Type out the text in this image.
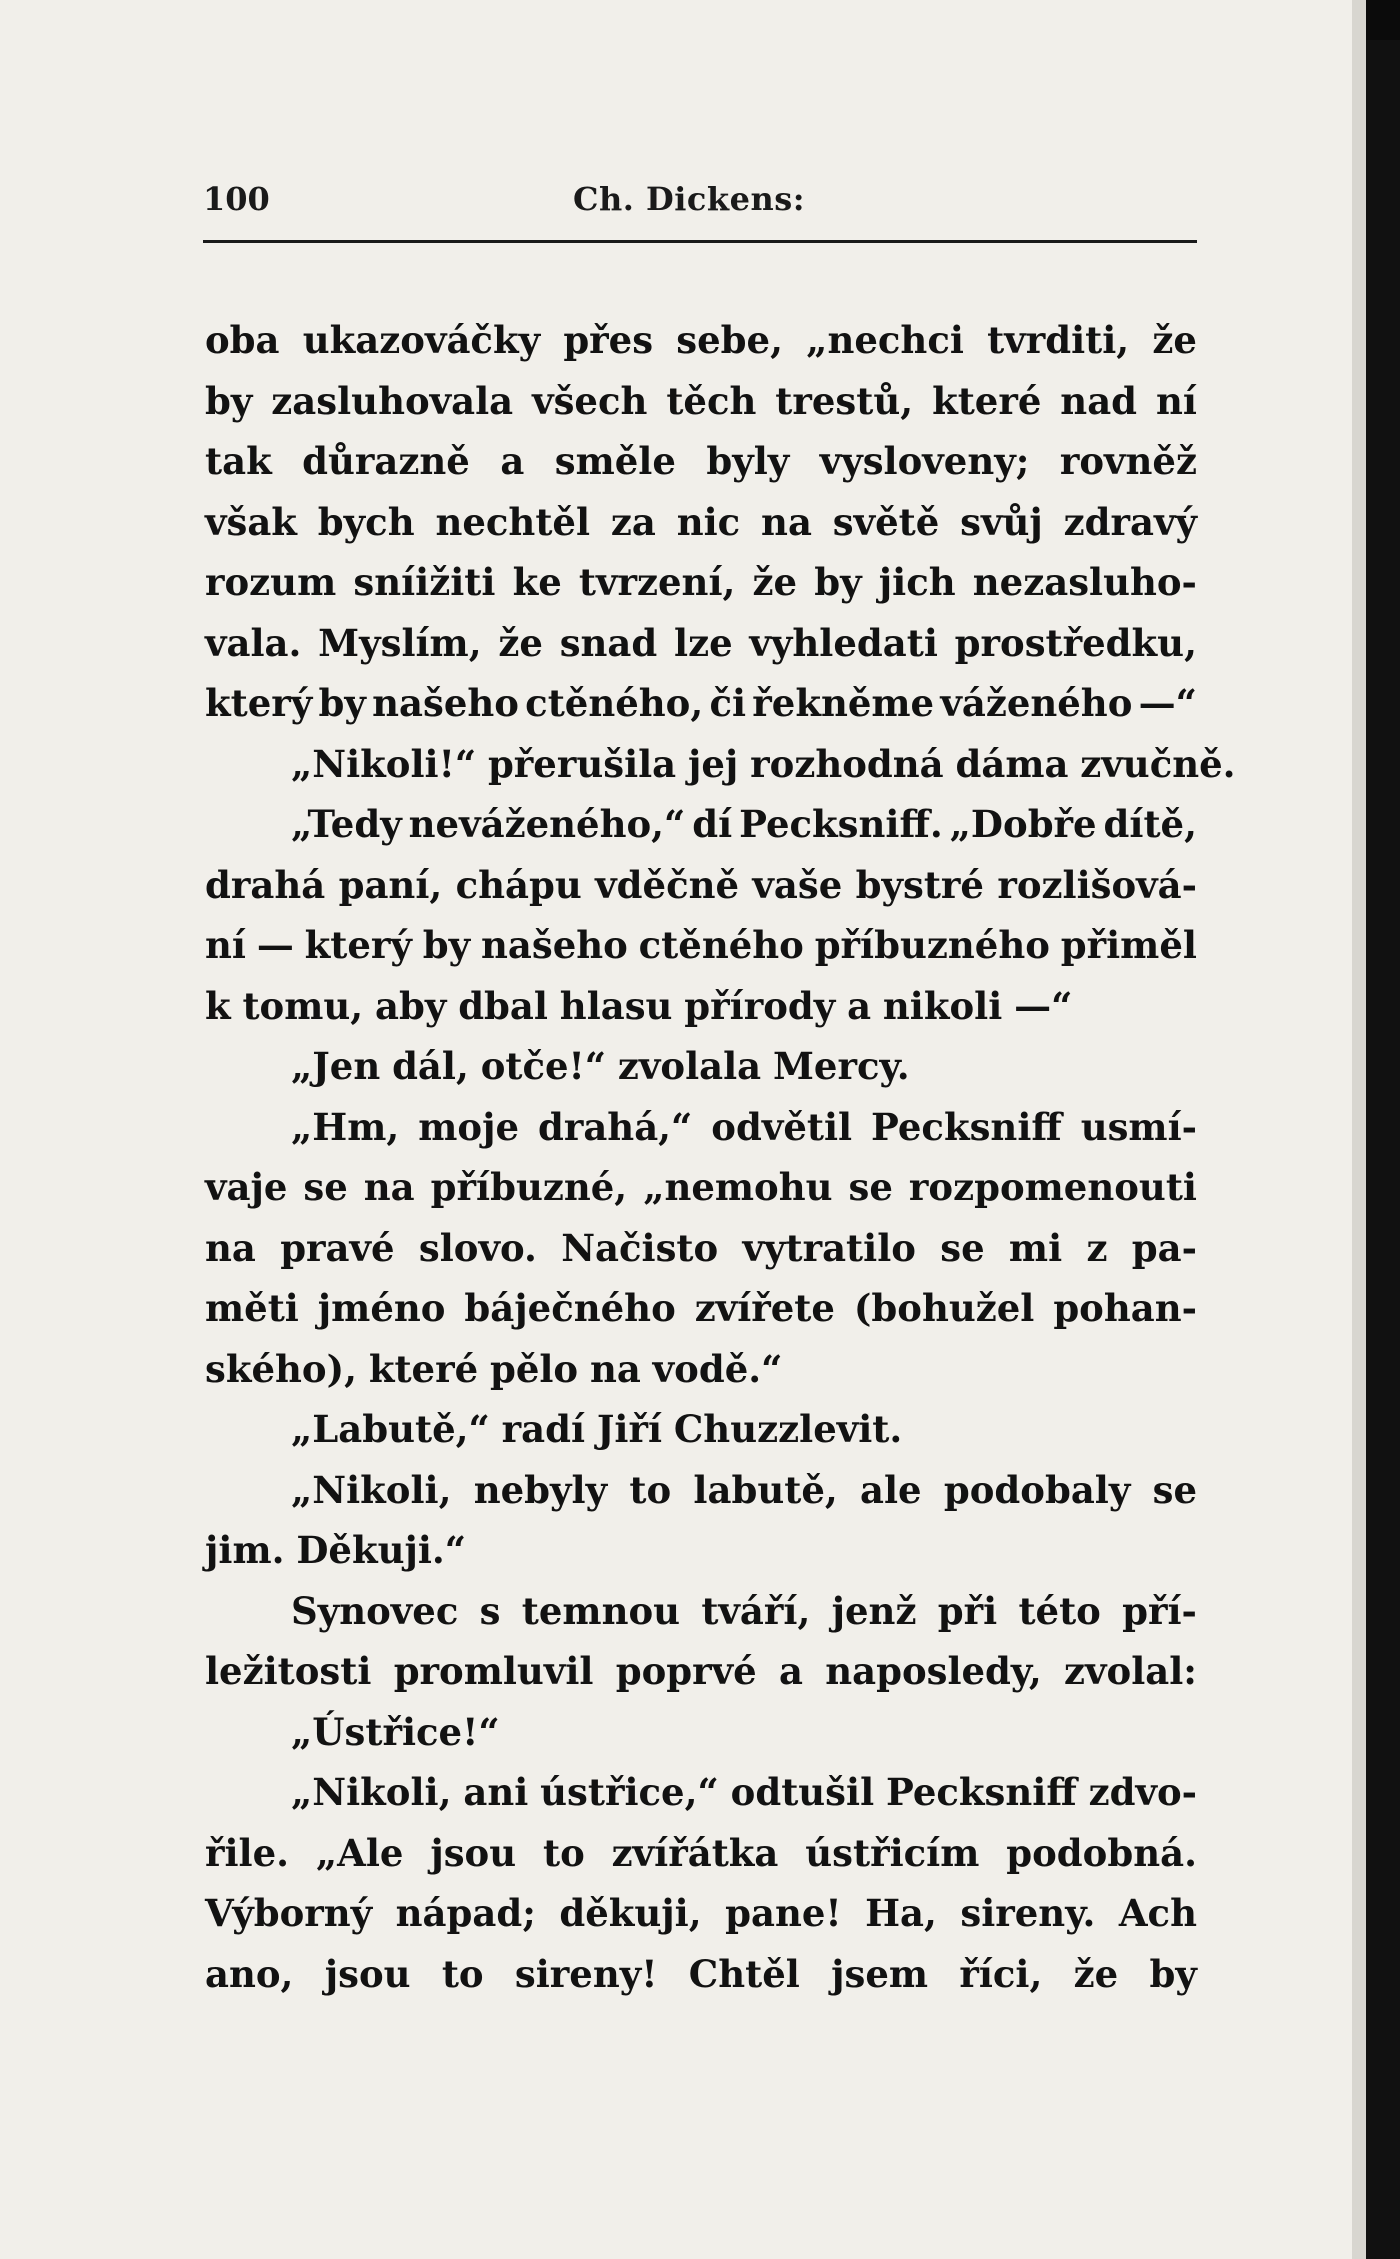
100	Ch. Dickens:
oba ukazováčky přes sebe, „nechci tvrditi, že
by zasluhovala všech těch trestů, které nad ní
tak důrazně a směle byly vysloveny; rovněž
však bych nechtěl za nic na světě svůj zdravý
rozum sníižiti ke tvrzení, že by jich nezasluho-
vala. Myslím, že snad lze vyhledati prostředku,
který by našeho ctěného, či řekněme váženého —“
„Nikoli!“ přerušila jej rozhodná dáma zvučně.
„Tedy neváženého,“ dí Pecksniff. „Dobře dítě,
drahá paní, chápu vděčně vaše bystré rozlišová-
ní — který by našeho ctěného příbuzného přiměl
k tomu, aby dbal hlasu přírody a nikoli —“
„Jen dál, otče!“ zvolala Mercy.
„Hm, moje drahá,“ odvětil Pecksniff usmí-
vaje se na příbuzné, „nemohu se rozpomenouti
na pravé slovo. Načisto vytratilo se mi z pa-
měti jméno báječného zvířete (bohužel pohan-
ského), které pělo na vodě.“
„Labutě,“ radí Jiří Chuzzlevit.
„Nikoli, nebyly to labutě, ale podobaly se
jim. Děkuji.“
Synovec s temnou tváří, jenž při této pří-
ležitosti promluvil poprvé a naposledy, zvolal:
„Ústřice!“
„Nikoli, ani ústřice,“ odtušil Pecksniff zdvo-
řile. „Ale jsou to zvířátka ústřicím podobná.
Výborný nápad; děkuji, pane! Ha, sireny. Ach
ano, jsou to sireny! Chtěl jsem říci, že by
